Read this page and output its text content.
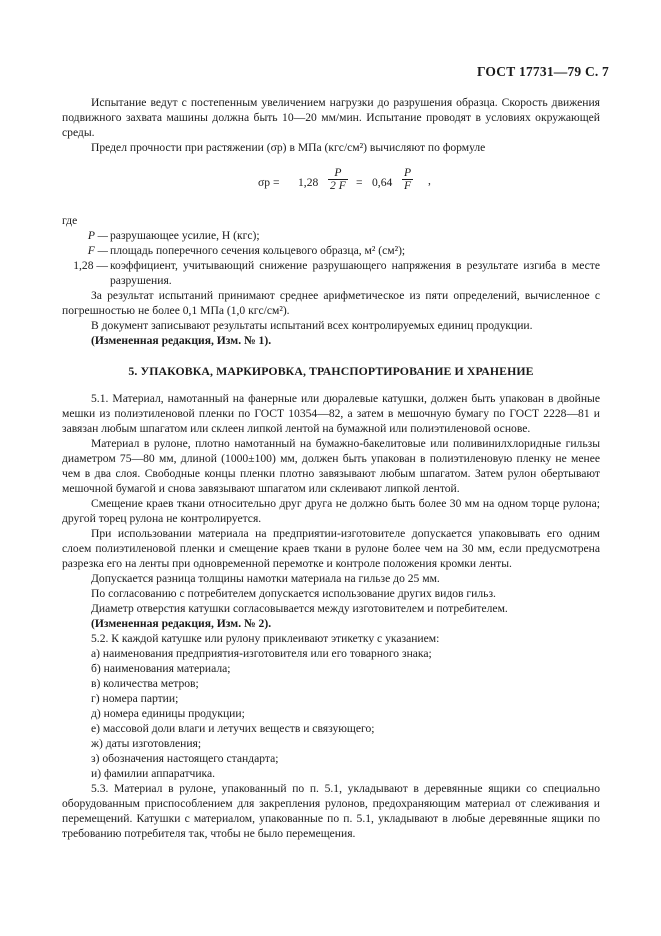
ГОСТ 17731—79 С. 7

Испытание ведут с постепенным увеличением нагрузки до разрушения образца. Скорость движения подвижного захвата машины должна быть 10—20 мм/мин. Испытание проводят в условиях окружающей среды.

Предел прочности при растяжении (σр) в МПа (кгс/см²) вычисляют по формуле

$\sigma р = 1,28 \frac{P}{2 F} = 0,64 \frac{P}{F}$ ,

где

P — разрушающее усилие, Н (кгс);
F — площадь поперечного сечения кольцевого образца, м² (см²);
1,28 — коэффициент, учитывающий снижение разрушающего напряжения в результате изгиба в месте разрушения.

За результат испытаний принимают среднее арифметическое из пяти определений, вычисленное с погрешностью не более 0,1 МПа (1,0 кгс/см²).

В документ записывают результаты испытаний всех контролируемых единиц продукции.

(Измененная редакция, Изм. № 1).

5. УПАКОВКА, МАРКИРОВКА, ТРАНСПОРТИРОВАНИЕ И ХРАНЕНИЕ

5.1. Материал, намотанный на фанерные или дюралевые катушки, должен быть упакован в двойные мешки из полиэтиленовой пленки по ГОСТ 10354—82, а затем в мешочную бумагу по ГОСТ 2228—81 и завязан любым шпагатом или склеен липкой лентой на бумажной или полиэтиленовой основе.

Материал в рулоне, плотно намотанный на бумажно-бакелитовые или поливинилхлоридные гильзы диаметром 75—80 мм, длиной (1000±100) мм, должен быть упакован в полиэтиленовую пленку не менее чем в два слоя. Свободные концы пленки плотно завязывают любым шпагатом. Затем рулон обертывают мешочной бумагой и снова завязывают шпагатом или склеивают липкой лентой.

Смещение краев ткани относительно друг друга не должно быть более 30 мм на одном торце рулона; другой торец рулона не контролируется.

При использовании материала на предприятии-изготовителе допускается упаковывать его одним слоем полиэтиленовой пленки и смещение краев ткани в рулоне более чем на 30 мм, если предусмотрена разрезка его на ленты при одновременной перемотке и контроле положения кромки ленты.

Допускается разница толщины намотки материала на гильзе до 25 мм.

По согласованию с потребителем допускается использование других видов гильз.

Диаметр отверстия катушки согласовывается между изготовителем и потребителем.

(Измененная редакция, Изм. № 2).

5.2. К каждой катушке или рулону приклеивают этикетку с указанием:

а) наименования предприятия-изготовителя или его товарного знака;

б) наименования материала;

в) количества метров;

г) номера партии;

д) номера единицы продукции;

е) массовой доли влаги и летучих веществ и связующего;

ж) даты изготовления;

з) обозначения настоящего стандарта;

и) фамилии аппаратчика.

5.3. Материал в рулоне, упакованный по п. 5.1, укладывают в деревянные ящики со специально оборудованным приспособлением для закрепления рулонов, предохраняющим материал от слеживания и перемещений. Катушки с материалом, упакованные по п. 5.1, укладывают в любые деревянные ящики по требованию потребителя так, чтобы не было перемещения.
